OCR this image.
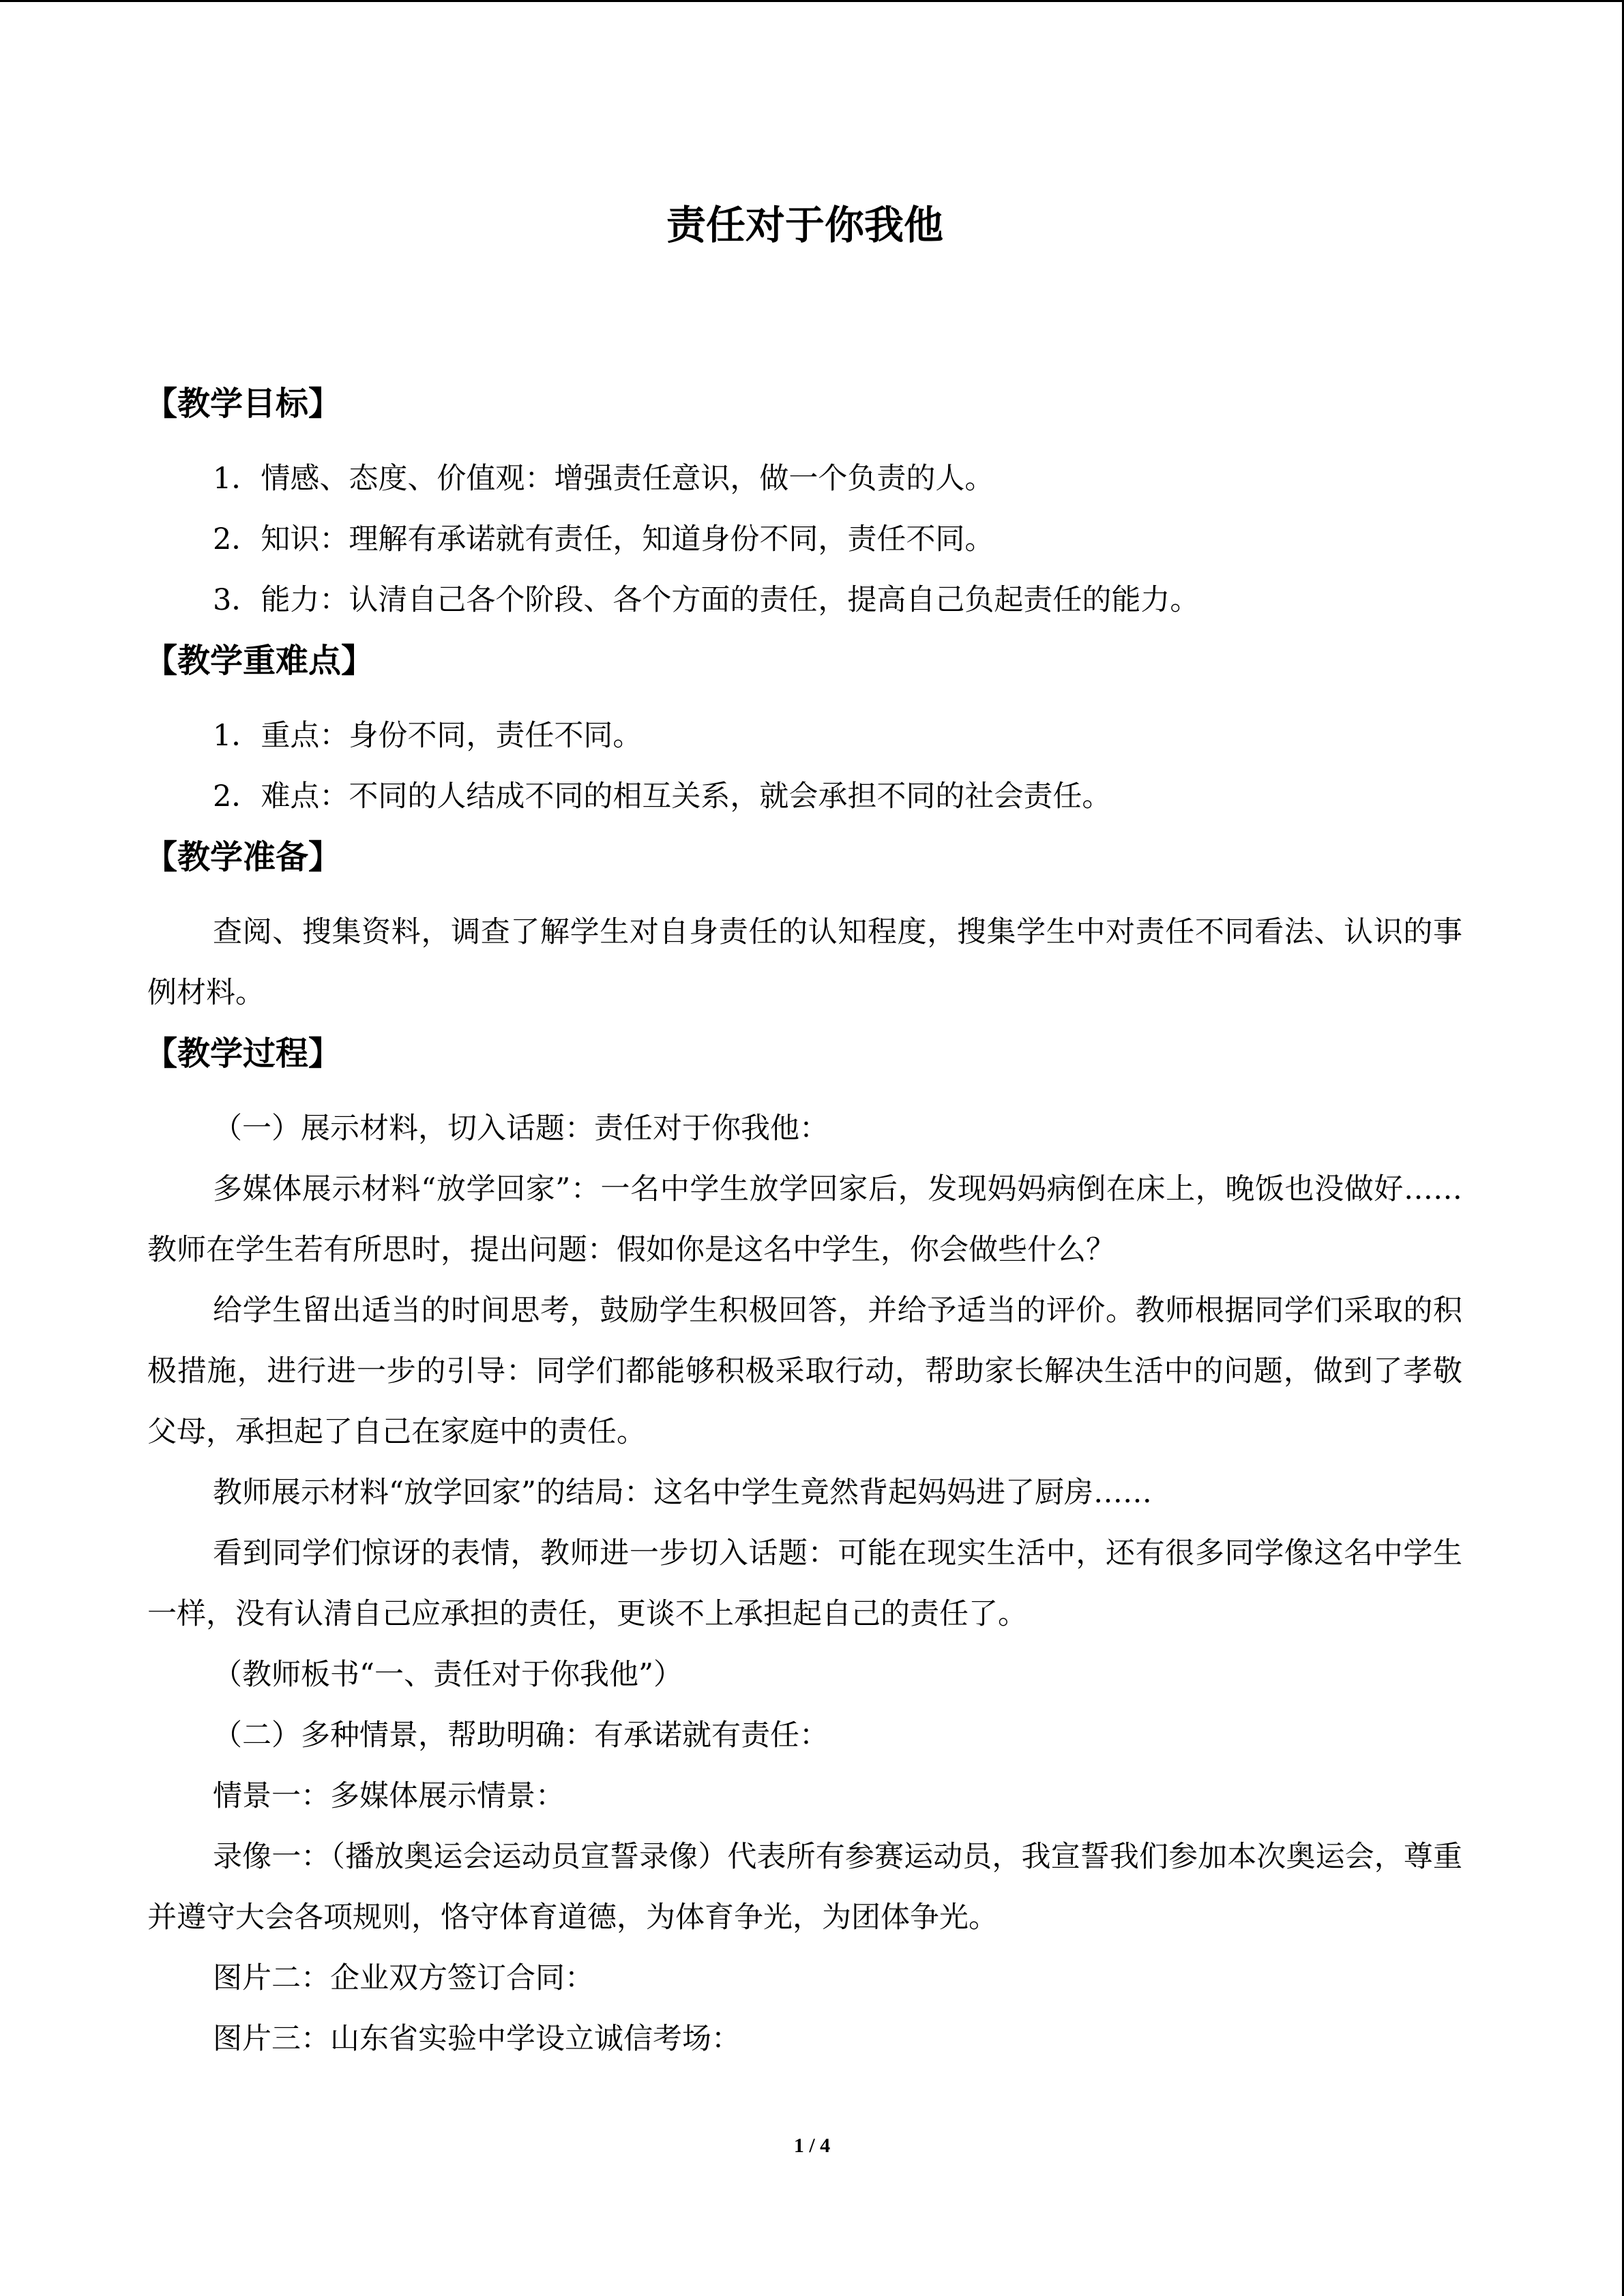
责任对于你我他
【教学目标】

1．情感、态度、价值观：增强责任意识，做一个负责的人。

2．知识：理解有承诺就有责任，知道身份不同，责任不同。

3．能力：认清自己各个阶段、各个方面的责任，提高自己负起责任的能力。

【教学重难点】

1．重点：身份不同，责任不同。

2．难点：不同的人结成不同的相互关系，就会承担不同的社会责任。

【教学准备】

查阅、搜集资料，调查了解学生对自身责任的认知程度，搜集学生中对责任不同看法、认识的事例材料。

【教学过程】

（一）展示材料，切入话题：责任对于你我他：

多媒体展示材料“放学回家”：一名中学生放学回家后，发现妈妈病倒在床上，晚饭也没做好……教师在学生若有所思时，提出问题：假如你是这名中学生，你会做些什么？

给学生留出适当的时间思考，鼓励学生积极回答，并给予适当的评价。教师根据同学们采取的积极措施，进行进一步的引导：同学们都能够积极采取行动，帮助家长解决生活中的问题，做到了孝敬父母，承担起了自己在家庭中的责任。

教师展示材料“放学回家”的结局：这名中学生竟然背起妈妈进了厨房……

看到同学们惊讶的表情，教师进一步切入话题：可能在现实生活中，还有很多同学像这名中学生一样，没有认清自己应承担的责任，更谈不上承担起自己的责任了。

（教师板书“一、责任对于你我他”）

（二）多种情景，帮助明确：有承诺就有责任：

情景一：多媒体展示情景：

录像一：（播放奥运会运动员宣誓录像）代表所有参赛运动员，我宣誓我们参加本次奥运会，尊重并遵守大会各项规则，恪守体育道德，为体育争光，为团体争光。

图片二：企业双方签订合同：

图片三：山东省实验中学设立诚信考场：

1 / 4
